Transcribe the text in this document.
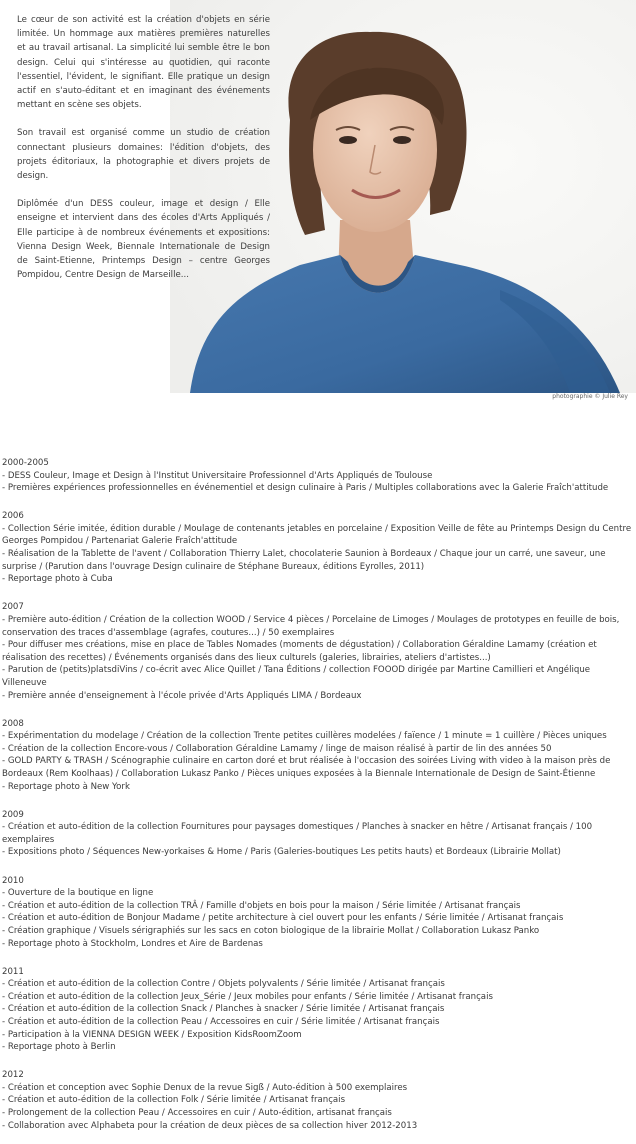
Le cœur de son activité est la création d'objets en série limitée. Un hommage aux matières premières naturelles et au travail artisanal. La simplicité lui semble être le bon design. Celui qui s'intéresse au quotidien, qui raconte l'essentiel, l'évident, le signifiant. Elle pratique un design actif en s'auto-éditant et en imaginant des événements mettant en scène ses objets.

Son travail est organisé comme un studio de création connectant plusieurs domaines: l'édition d'objets, des projets éditoriaux, la photographie et divers projets de design.

Diplômée d'un DESS couleur, image et design / Elle enseigne et intervient dans des écoles d'Arts Appliqués / Elle participe à de nombreux événements et expositions: Vienna Design Week, Biennale Internationale de Design de Saint-Etienne, Printemps Design – centre Georges Pompidou, Centre Design de Marseille...

photographie © Julie Rey
2000-2005
- DESS Couleur, Image et Design à l'Institut Universitaire Professionnel d'Arts Appliqués de Toulouse
- Premières expériences professionnelles en événementiel et design culinaire à Paris / Multiples collaborations avec la Galerie Fraîch'attitude
2006
- Collection Série imitée, édition durable / Moulage de contenants jetables en porcelaine / Exposition Veille de fête au Printemps Design du Centre Georges Pompidou / Partenariat Galerie Fraîch'attitude
- Réalisation de la Tablette de l'avent / Collaboration Thierry Lalet, chocolaterie Saunion à Bordeaux / Chaque jour un carré, une saveur, une surprise / (Parution dans l'ouvrage Design culinaire de Stéphane Bureaux, éditions Eyrolles, 2011)
- Reportage photo à Cuba
2007
- Première auto-édition / Création de la collection WOOD / Service 4 pièces / Porcelaine de Limoges / Moulages de prototypes en feuille de bois, conservation des traces d'assemblage (agrafes, coutures...) / 50 exemplaires
- Pour diffuser mes créations, mise en place de Tables Nomades (moments de dégustation) / Collaboration Géraldine Lamamy (création et réalisation des recettes) / Événements organisés dans des lieux culturels (galeries, librairies, ateliers d'artistes...)
- Parution de (petits)platsdiVins / co-écrit avec Alice Quillet / Tana Éditions / collection FOOOD dirigée par Martine Camillieri et Angélique Villeneuve
- Première année d'enseignement à l'école privée d'Arts Appliqués LIMA / Bordeaux
2008
- Expérimentation du modelage / Création de la collection Trente petites cuillères modelées / faïence / 1 minute = 1 cuillère / Pièces uniques
- Création de la collection Encore-vous / Collaboration Géraldine Lamamy / linge de maison réalisé à partir de lin des années 50
- GOLD PARTY & TRASH / Scénographie culinaire en carton doré et brut réalisée à l'occasion des soirées Living with video à la maison près de Bordeaux (Rem Koolhaas) / Collaboration Lukasz Panko / Pièces uniques exposées à la Biennale Internationale de Design de Saint-Étienne
- Reportage photo à New York
2009
- Création et auto-édition de la collection Fournitures pour paysages domestiques / Planches à snacker en hêtre / Artisanat français / 100 exemplaires
- Expositions photo / Séquences New-yorkaises & Home / Paris (Galeries-boutiques Les petits hauts) et Bordeaux (Librairie Mollat)
2010
- Ouverture de la boutique en ligne
- Création et auto-édition de la collection TRÂ / Famille d'objets en bois pour la maison / Série limitée / Artisanat français
- Création et auto-édition de Bonjour Madame / petite architecture à ciel ouvert pour les enfants / Série limitée / Artisanat français
- Création graphique / Visuels sérigraphiés sur les sacs en coton biologique de la librairie Mollat / Collaboration Lukasz Panko
- Reportage photo à Stockholm, Londres et Aire de Bardenas
2011
- Création et auto-édition de la collection Contre / Objets polyvalents / Série limitée / Artisanat français
- Création et auto-édition de la collection Jeux_Série / Jeux mobiles pour enfants / Série limitée / Artisanat français
- Création et auto-édition de la collection Snack / Planches à snacker / Série limitée / Artisanat français
- Création et auto-édition de la collection Peau / Accessoires en cuir / Série limitée / Artisanat français
- Participation à la VIENNA DESIGN WEEK / Exposition KidsRoomZoom
- Reportage photo à Berlin
2012
- Création et conception avec Sophie Denux de la revue Sigß / Auto-édition à 500 exemplaires
- Création et auto-édition de la collection Folk / Série limitée / Artisanat français
- Prolongement de la collection Peau / Accessoires en cuir / Auto-édition, artisanat français
- Collaboration avec Alphabeta pour la création de deux pièces de sa collection hiver 2012-2013
